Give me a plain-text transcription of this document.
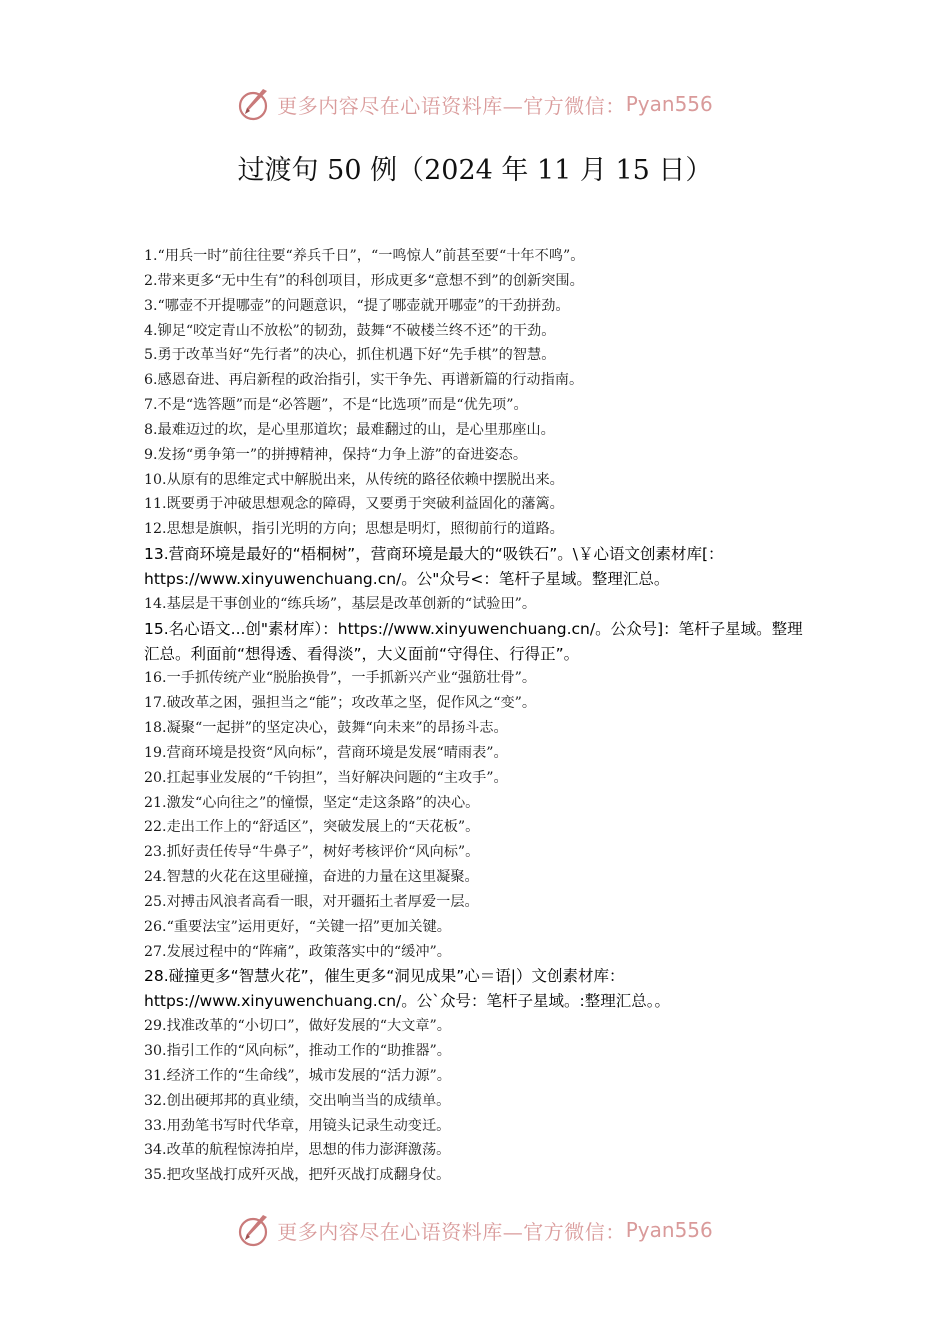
更多内容尽在心语资料库—官方微信： Pyan556
过渡句 50 例（2024 年 11 月 15 日）
1.“用兵一时”前往往要“养兵千日”，“一鸣惊人”前甚至要“十年不鸣”。
2.带来更多“无中生有”的科创项目，形成更多“意想不到”的创新突围。
3.“哪壶不开提哪壶”的问题意识，“提了哪壶就开哪壶”的干劲拼劲。
4.铆足“咬定青山不放松”的韧劲，鼓舞“不破楼兰终不还”的干劲。
5.勇于改革当好“先行者”的决心，抓住机遇下好“先手棋”的智慧。
6.感恩奋进、再启新程的政治指引，实干争先、再谱新篇的行动指南。
7.不是“选答题”而是“必答题”，不是“比选项”而是“优先项”。
8.最难迈过的坎，是心里那道坎；最难翻过的山，是心里那座山。
9.发扬“勇争第一”的拼搏精神，保持“力争上游”的奋进姿态。
10.从原有的思维定式中解脱出来，从传统的路径依赖中摆脱出来。
11.既要勇于冲破思想观念的障碍，又要勇于突破利益固化的藩篱。
12.思想是旗帜，指引光明的方向；思想是明灯，照彻前行的道路。
13.营商环境是最好的“梧桐树”，营商环境是最大的“吸铁石”。\￥心语文创素材库[：https://www.xinyuwenchuang.cn/。公"众号<：笔杆子星域。整理汇总。
14.基层是干事创业的“练兵场”，基层是改革创新的“试验田”。
15.名心语文...创"素材库）：https://www.xinyuwenchuang.cn/。公众号]：笔杆子星域。整理汇总。利面前“想得透、看得淡”，大义面前“守得住、行得正”。
16.一手抓传统产业“脱胎换骨”，一手抓新兴产业“强筋壮骨”。
17.破改革之困，强担当之“能”；攻改革之坚，促作风之“变”。
18.凝聚“一起拼”的坚定决心，鼓舞“向未来”的昂扬斗志。
19.营商环境是投资“风向标”，营商环境是发展“晴雨表”。
20.扛起事业发展的“千钧担”，当好解决问题的“主攻手”。
21.激发“心向往之”的憧憬，坚定“走这条路”的决心。
22.走出工作上的“舒适区”，突破发展上的“天花板”。
23.抓好责任传导“牛鼻子”，树好考核评价“风向标”。
24.智慧的火花在这里碰撞，奋进的力量在这里凝聚。
25.对搏击风浪者高看一眼，对开疆拓土者厚爱一层。
26.“重要法宝”运用更好，“关键一招”更加关键。
27.发展过程中的“阵痛”，政策落实中的“缓冲”。
28.碰撞更多“智慧火花”，催生更多“洞见成果”心＝语|）文创素材库：https://www.xinyuwenchuang.cn/。公`众号：笔杆子星域。:整理汇总。。
29.找准改革的“小切口”，做好发展的“大文章”。
30.指引工作的“风向标”，推动工作的“助推器”。
31.经济工作的“生命线”，城市发展的“活力源”。
32.创出硬邦邦的真业绩，交出响当当的成绩单。
33.用劲笔书写时代华章，用镜头记录生动变迁。
34.改革的航程惊涛拍岸，思想的伟力澎湃激荡。
35.把攻坚战打成歼灭战，把歼灭战打成翻身仗。
更多内容尽在心语资料库—官方微信： Pyan556
